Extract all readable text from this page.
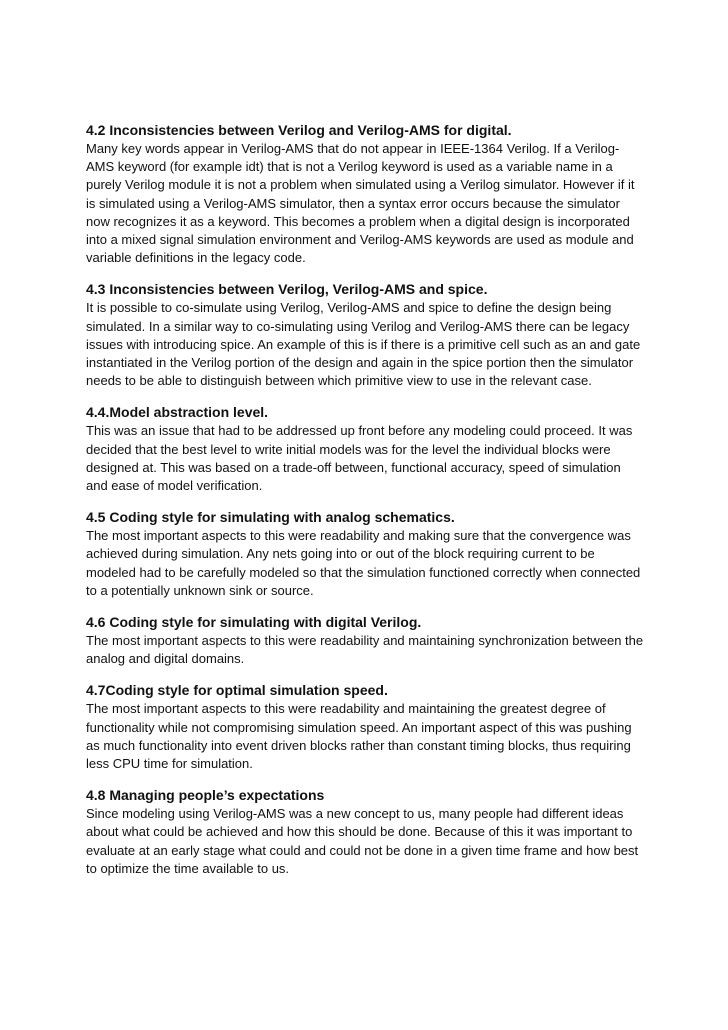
4.2 Inconsistencies between Verilog and Verilog-AMS for digital.

Many key words appear in Verilog-AMS that do not appear in IEEE-1364 Verilog. If a Verilog-AMS keyword (for example idt) that is not a Verilog keyword is used as a variable name in a purely Verilog module it is not a problem when simulated using a Verilog simulator. However if it is simulated using a Verilog-AMS simulator, then a syntax error occurs because the simulator now recognizes it as a keyword. This becomes a problem when a digital design is incorporated into a mixed signal simulation environment and Verilog-AMS keywords are used as module and variable definitions in the legacy code.

4.3 Inconsistencies between Verilog, Verilog-AMS and spice.

It is possible to co-simulate using Verilog, Verilog-AMS and spice to define the design being simulated. In a similar way to co-simulating using Verilog and Verilog-AMS there can be legacy issues with introducing spice. An example of this is if there is a primitive cell such as an and gate instantiated in the Verilog portion of the design and again in the spice portion then the simulator needs to be able to distinguish between which primitive view to use in the relevant case.

4.4.Model abstraction level.

This was an issue that had to be addressed up front before any modeling could proceed. It was decided that the best level to write initial models was for the level the individual blocks were designed at. This was based on a trade-off between, functional accuracy, speed of simulation and ease of model verification.

4.5 Coding style for simulating with analog schematics.

The most important aspects to this were readability and making sure that the convergence was achieved during simulation. Any nets going into or out of the block requiring current to be modeled had to be carefully modeled so that the simulation functioned correctly when connected to a potentially unknown sink or source.

4.6 Coding style for simulating with digital Verilog.

The most important aspects to this were readability and maintaining synchronization between the analog and digital domains.

4.7Coding style for optimal simulation speed.

The most important aspects to this were readability and maintaining the greatest degree of functionality while not compromising simulation speed. An important aspect of this was pushing as much functionality into event driven blocks rather than constant timing blocks, thus requiring less CPU time for simulation.

4.8 Managing people’s expectations

Since modeling using Verilog-AMS was a new concept to us, many people had different ideas about what could be achieved and how this should be done. Because of this it was important to evaluate at an early stage what could and could not be done in a given time frame and how best to optimize the time available to us.
